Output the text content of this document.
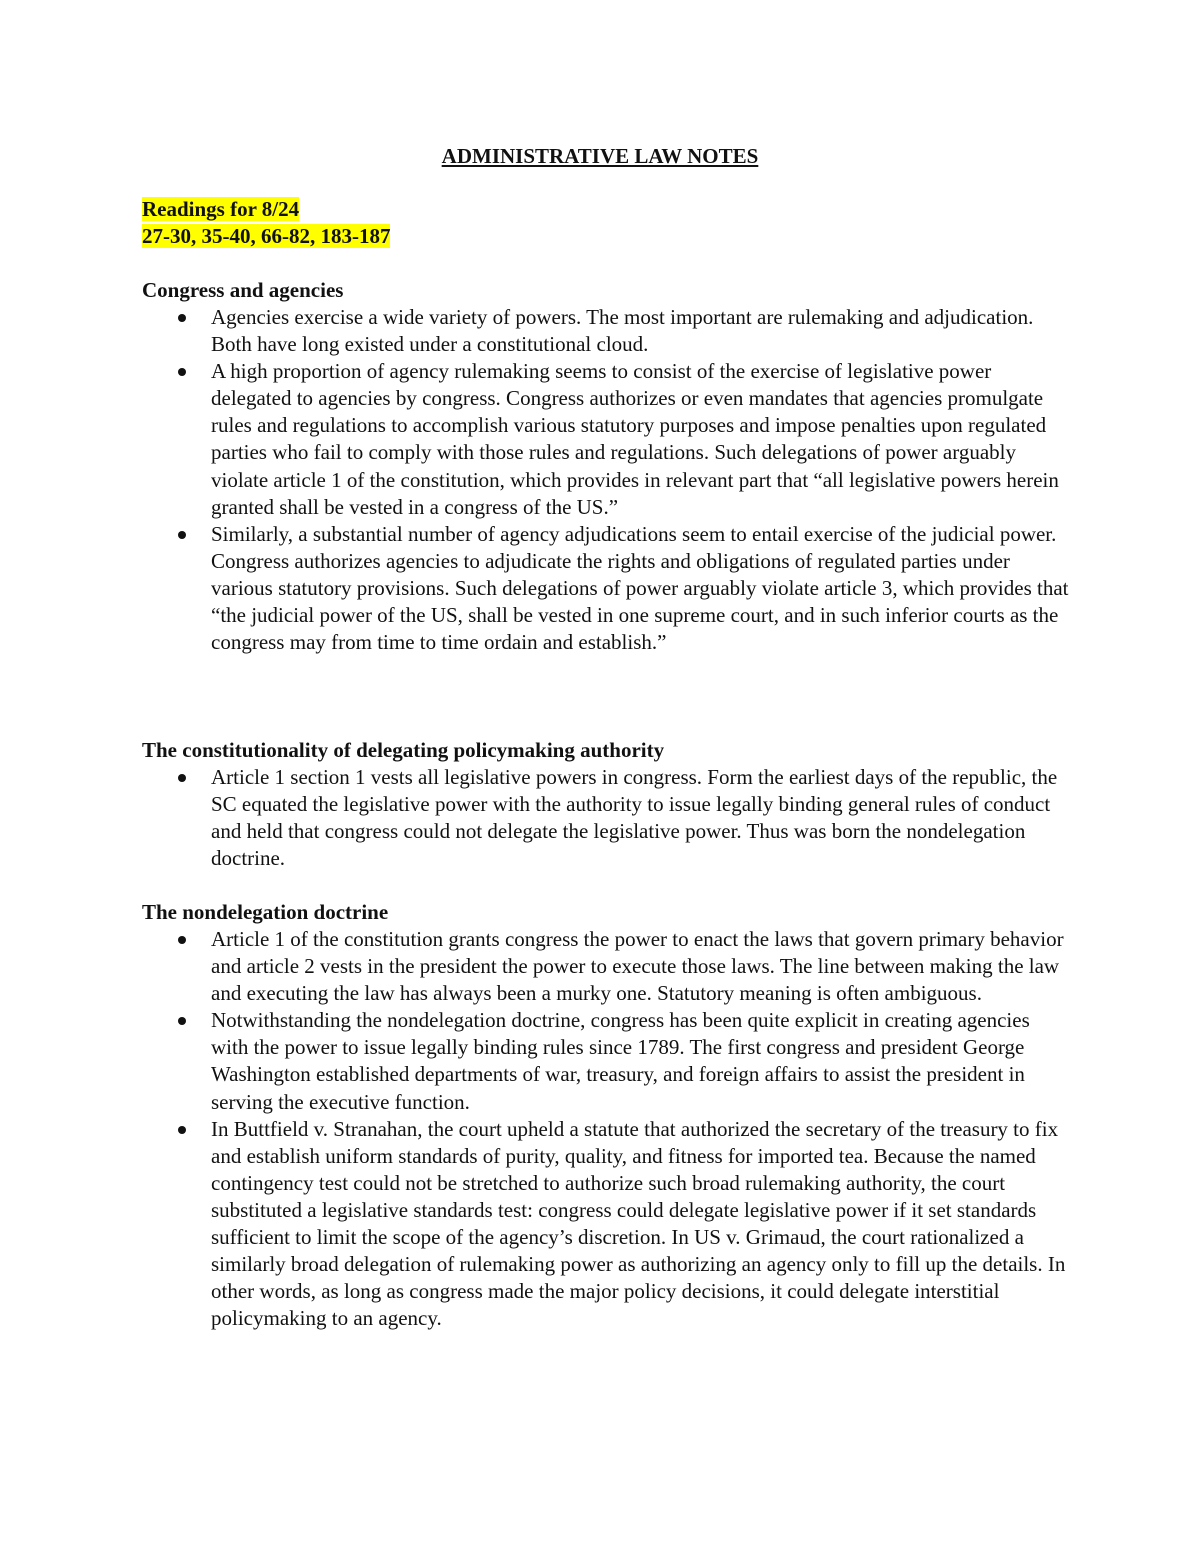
ADMINISTRATIVE LAW NOTES
Readings for 8/24
27-30, 35-40, 66-82, 183-187
Congress and agencies
Agencies exercise a wide variety of powers. The most important are rulemaking and adjudication. Both have long existed under a constitutional cloud.
A high proportion of agency rulemaking seems to consist of the exercise of legislative power delegated to agencies by congress. Congress authorizes or even mandates that agencies promulgate rules and regulations to accomplish various statutory purposes and impose penalties upon regulated parties who fail to comply with those rules and regulations. Such delegations of power arguably violate article 1 of the constitution, which provides in relevant part that “all legislative powers herein granted shall be vested in a congress of the US.”
Similarly, a substantial number of agency adjudications seem to entail exercise of the judicial power. Congress authorizes agencies to adjudicate the rights and obligations of regulated parties under various statutory provisions. Such delegations of power arguably violate article 3, which provides that “the judicial power of the US, shall be vested in one supreme court, and in such inferior courts as the congress may from time to time ordain and establish.”
The constitutionality of delegating policymaking authority
Article 1 section 1 vests all legislative powers in congress. Form the earliest days of the republic, the SC equated the legislative power with the authority to issue legally binding general rules of conduct and held that congress could not delegate the legislative power. Thus was born the nondelegation doctrine.
The nondelegation doctrine
Article 1 of the constitution grants congress the power to enact the laws that govern primary behavior and article 2 vests in the president the power to execute those laws. The line between making the law and executing the law has always been a murky one. Statutory meaning is often ambiguous.
Notwithstanding the nondelegation doctrine, congress has been quite explicit in creating agencies with the power to issue legally binding rules since 1789. The first congress and president George Washington established departments of war, treasury, and foreign affairs to assist the president in serving the executive function.
In Buttfield v. Stranahan, the court upheld a statute that authorized the secretary of the treasury to fix and establish uniform standards of purity, quality, and fitness for imported tea. Because the named contingency test could not be stretched to authorize such broad rulemaking authority, the court substituted a legislative standards test: congress could delegate legislative power if it set standards sufficient to limit the scope of the agency’s discretion. In US v. Grimaud, the court rationalized a similarly broad delegation of rulemaking power as authorizing an agency only to fill up the details. In other words, as long as congress made the major policy decisions, it could delegate interstitial policymaking to an agency.
